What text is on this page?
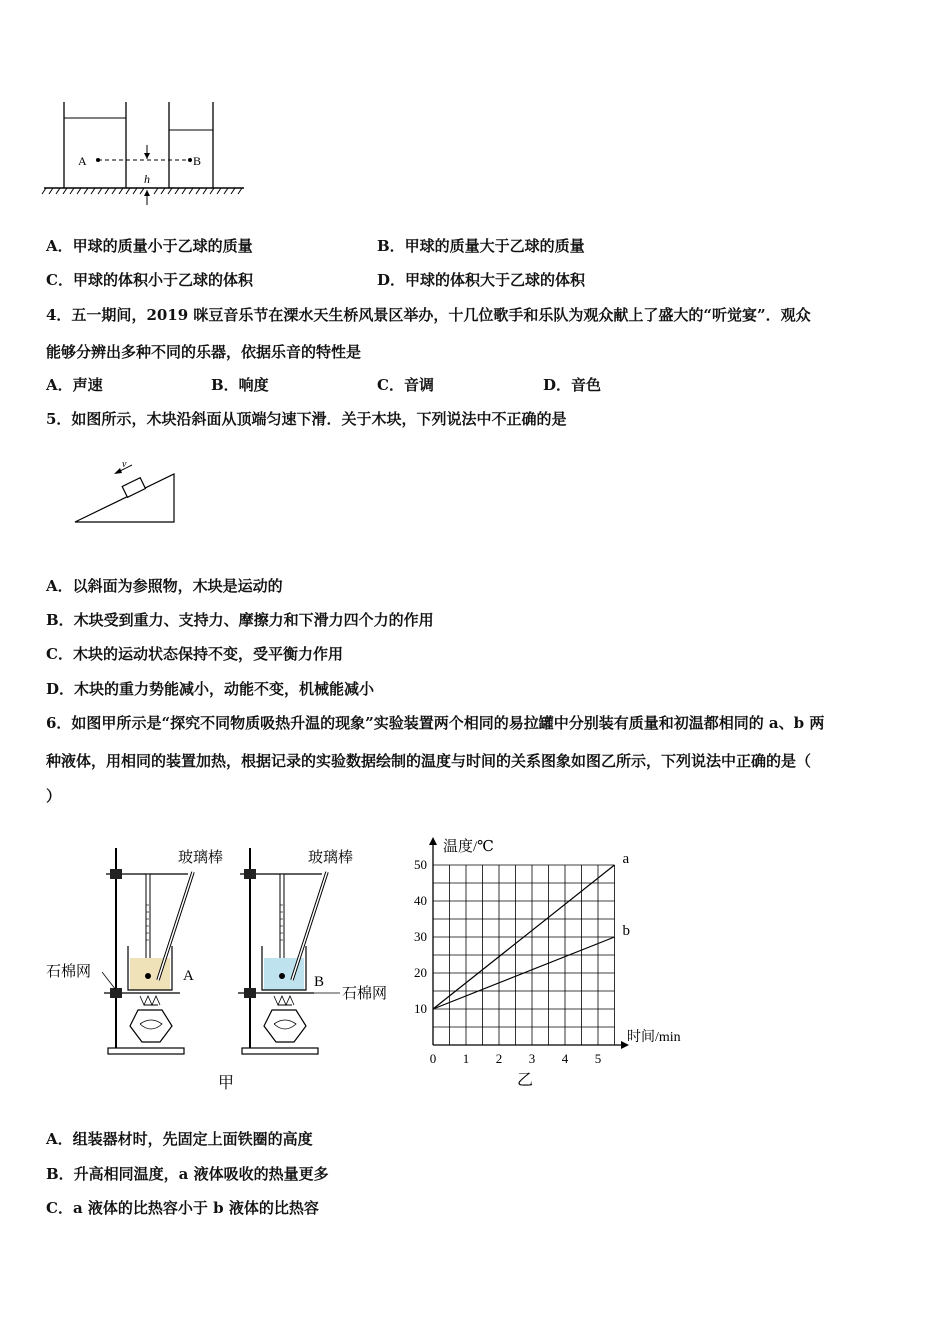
A	B
h
A．甲球的质量小于乙球的质量	B．甲球的质量大于乙球的质量
C．甲球的体积小于乙球的体积	D．甲球的体积大于乙球的体积
4．五一期间，2019 咪豆音乐节在溧水天生桥风景区举办，十几位歌手和乐队为观众献上了盛大的“听觉宴”．观众
能够分辨出多种不同的乐器，依据乐音的特性是
A．声速	B．响度	C．音调	D．音色
5．如图所示，木块沿斜面从顶端匀速下滑．关于木块，下列说法中不正确的是
v
A．以斜面为参照物，木块是运动的
B．木块受到重力、支持力、摩擦力和下滑力四个力的作用
C．木块的运动状态保持不变，受平衡力作用
D．木块的重力势能减小，动能不变，机械能减小
6．如图甲所示是“探究不同物质吸热升温的现象”实验装置两个相同的易拉罐中分别装有质量和初温都相同的 a、b 两
种液体，用相同的装置加热，根据记录的实验数据绘制的温度与时间的关系图象如图乙所示，下列说法中正确的是（
）
玻璃棒
石棉网	A
玻璃棒
石棉网
B
甲
0 1 2 3 4 5
10
20
30
40
50	a
b
温度/℃
时间/min
乙
A．组装器材时，先固定上面铁圈的高度
B．升高相同温度，a 液体吸收的热量更多
C．a 液体的比热容小于 b 液体的比热容
